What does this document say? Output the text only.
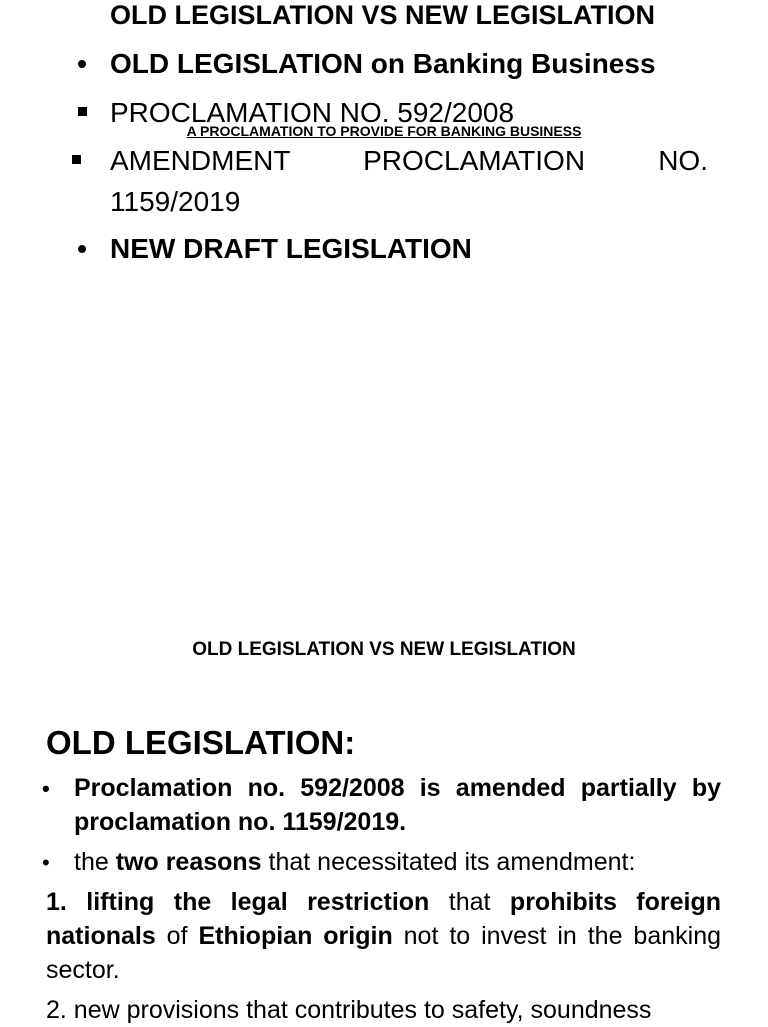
A PROCLAMATION TO PROVIDE FOR BANKING BUSINESS

OLD LEGISLATION VS NEW LEGISLATION
•
OLD LEGISLATION on Banking Business
PROCLAMATION NO. 592/2008
AMENDMENT PROCLAMATION NO. 1159/2019
•
NEW DRAFT LEGISLATION

OLD LEGISLATION VS NEW LEGISLATION

OLD LEGISLATION:
•
Proclamation no. 592/2008 is amended partially by proclamation no. 1159/2019.
•
the two reasons that necessitated its amendment:
1. lifting the legal restriction that prohibits foreign nationals of Ethiopian origin not to invest in the banking sector.
2. new provisions that contributes to safety, soundness
